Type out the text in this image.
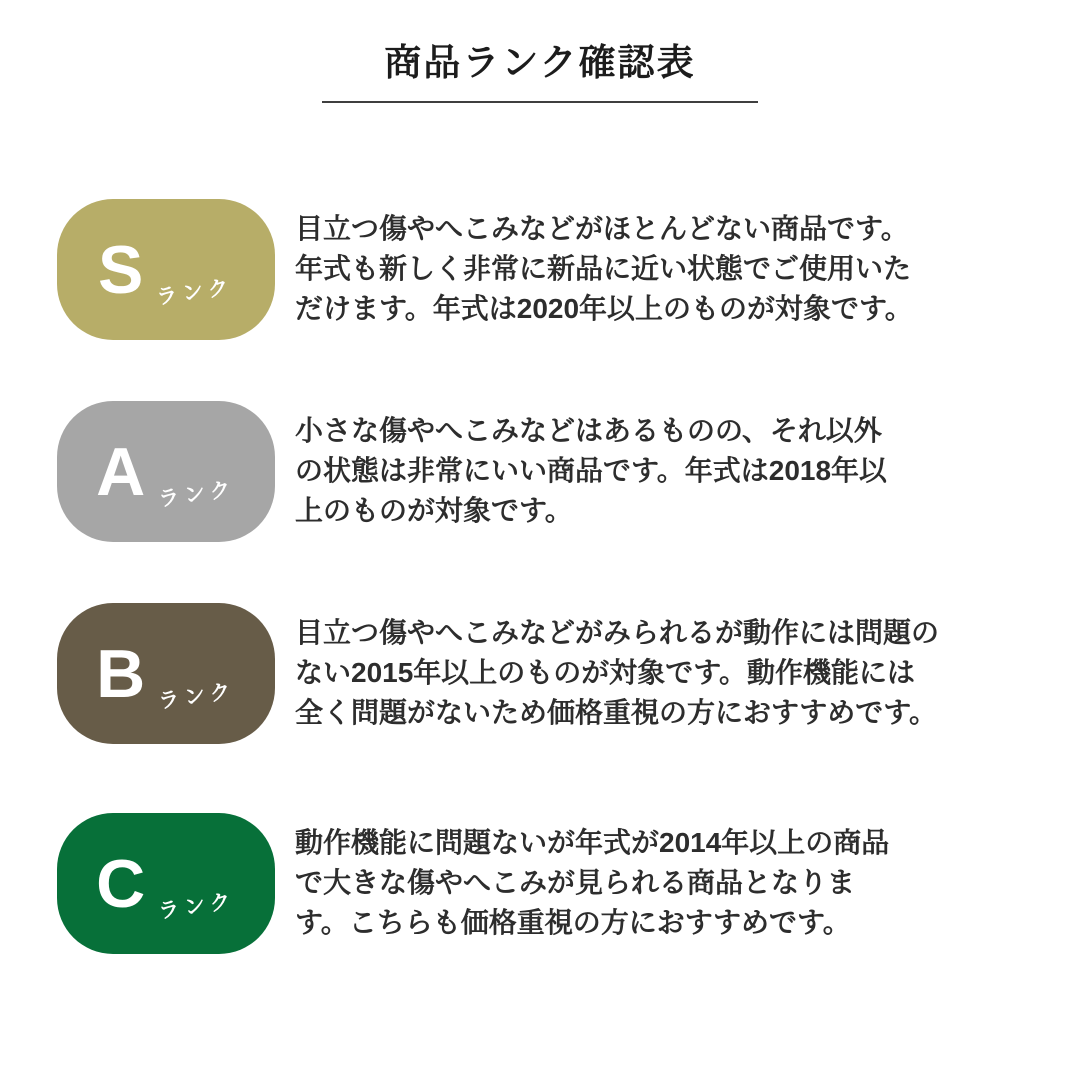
商品ランク確認表
S ランク
目立つ傷やへこみなどがほとんどない商品です。
年式も新しく非常に新品に近い状態でご使用いた
だけます。年式は2020年以上のものが対象です。
A ランク
小さな傷やへこみなどはあるものの、それ以外
の状態は非常にいい商品です。年式は2018年以
上のものが対象です。
B ランク
目立つ傷やへこみなどがみられるが動作には問題の
ない2015年以上のものが対象です。動作機能には
全く問題がないため価格重視の方におすすめです。
C ランク
動作機能に問題ないが年式が2014年以上の商品
で大きな傷やへこみが見られる商品となりま
す。こちらも価格重視の方におすすめです。
